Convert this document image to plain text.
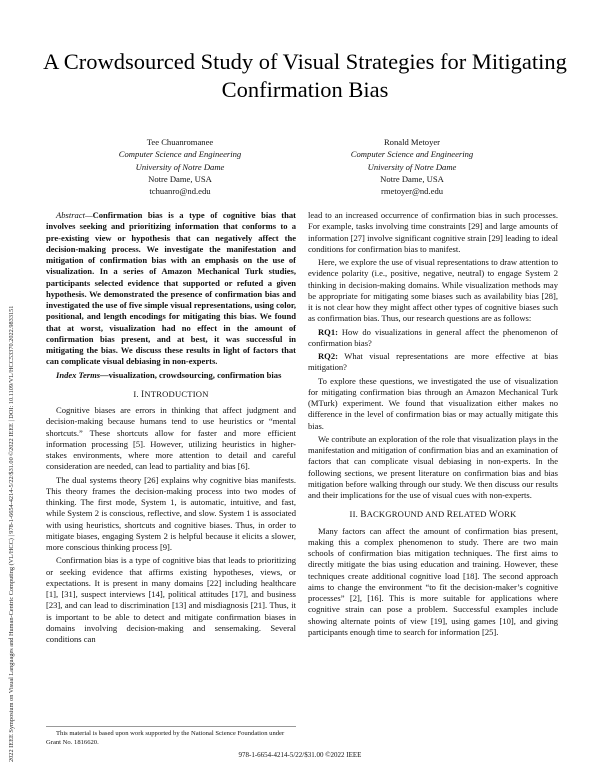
2022 IEEE Symposium on Visual Languages and Human-Centric Computing (VL/HCC) | 978-1-6654-4214-5/22/$31.00 ©2022 IEEE | DOI: 10.1109/VL/HCC53370.2022.9833151
A Crowdsourced Study of Visual Strategies for Mitigating Confirmation Bias
Tee Chuanromanee
Computer Science and Engineering
University of Notre Dame
Notre Dame, USA
tchuanro@nd.edu
Ronald Metoyer
Computer Science and Engineering
University of Notre Dame
Notre Dame, USA
rmetoyer@nd.edu

Abstract—Confirmation bias is a type of cognitive bias that involves seeking and prioritizing information that conforms to a pre-existing view or hypothesis that can negatively affect the decision-making process. We investigate the manifestation and mitigation of confirmation bias with an emphasis on the use of visualization. In a series of Amazon Mechanical Turk studies, participants selected evidence that supported or refuted a given hypothesis. We demonstrated the presence of confirmation bias and investigated the use of five simple visual representations, using color, positional, and length encodings for mitigating this bias. We found that at worst, visualization had no effect in the amount of confirmation bias present, and at best, it was successful in mitigating the bias. We discuss these results in light of factors that can complicate visual debiasing in non-experts.

Index Terms—visualization, crowdsourcing, confirmation bias

I. INTRODUCTION

Cognitive biases are errors in thinking that affect judgment and decision-making because humans tend to use heuristics or “mental shortcuts.” These shortcuts allow for faster and more efficient information processing [5]. However, utilizing heuristics in higher-stakes environments, where more attention to detail and careful consideration are needed, can lead to partiality and bias [6].

The dual systems theory [26] explains why cognitive bias manifests. This theory frames the decision-making process into two modes of thinking. The first mode, System 1, is automatic, intuitive, and fast, while System 2 is conscious, reflective, and slow. System 1 is associated with using heuristics, shortcuts and cognitive biases. Thus, in order to mitigate biases, engaging System 2 is helpful because it elicits a slower, more conscious thinking process [9].

Confirmation bias is a type of cognitive bias that leads to prioritizing or seeking evidence that affirms existing hypotheses, views, or expectations. It is present in many domains [22] including healthcare [1], [31], suspect interviews [14], political attitudes [17], and business [23], and can lead to discrimination [13] and misdiagnosis [21]. Thus, it is important to be able to detect and mitigate confirmation biases in domains involving decision-making and sensemaking. Several conditions can

lead to an increased occurrence of confirmation bias in such processes. For example, tasks involving time constraints [29] and large amounts of information [27] involve significant cognitive strain [29] leading to ideal conditions for confirmation bias to manifest.

Here, we explore the use of visual representations to draw attention to evidence polarity (i.e., positive, negative, neutral) to engage System 2 thinking in decision-making domains. While visualization methods may be appropriate for mitigating some biases such as availability bias [28], it is not clear how they might affect other types of cognitive biases such as confirmation bias. Thus, our research questions are as follows:

RQ1: How do visualizations in general affect the phenomenon of confirmation bias?

RQ2: What visual representations are more effective at bias mitigation?

To explore these questions, we investigated the use of visualization for mitigating confirmation bias through an Amazon Mechanical Turk (MTurk) experiment. We found that visualization either makes no difference in the level of confirmation bias or may actually mitigate this bias.

We contribute an exploration of the role that visualization plays in the manifestation and mitigation of confirmation bias and an examination of factors that can complicate visual debiasing in non-experts. In the following sections, we present literature on confirmation bias and bias mitigation before walking through our study. We then discuss our results and their implications for the use of visual cues with non-experts.

II. BACKGROUND AND RELATED WORK

Many factors can affect the amount of confirmation bias present, making this a complex phenomenon to study. There are two main schools of confirmation bias mitigation techniques. The first aims to directly mitigate the bias using education and training. However, these techniques create additional cognitive load [18]. The second approach aims to change the environment “to fit the decision-maker’s cognitive processes” [2], [16]. This is more suitable for applications where cognitive strain can pose a problem. Successful examples include showing alternate points of view [19], using games [10], and giving participants enough time to search for information [25].

This material is based upon work supported by the National Science Foundation under Grant No. 1816620.
978-1-6654-4214-5/22/$31.00 ©2022 IEEE
